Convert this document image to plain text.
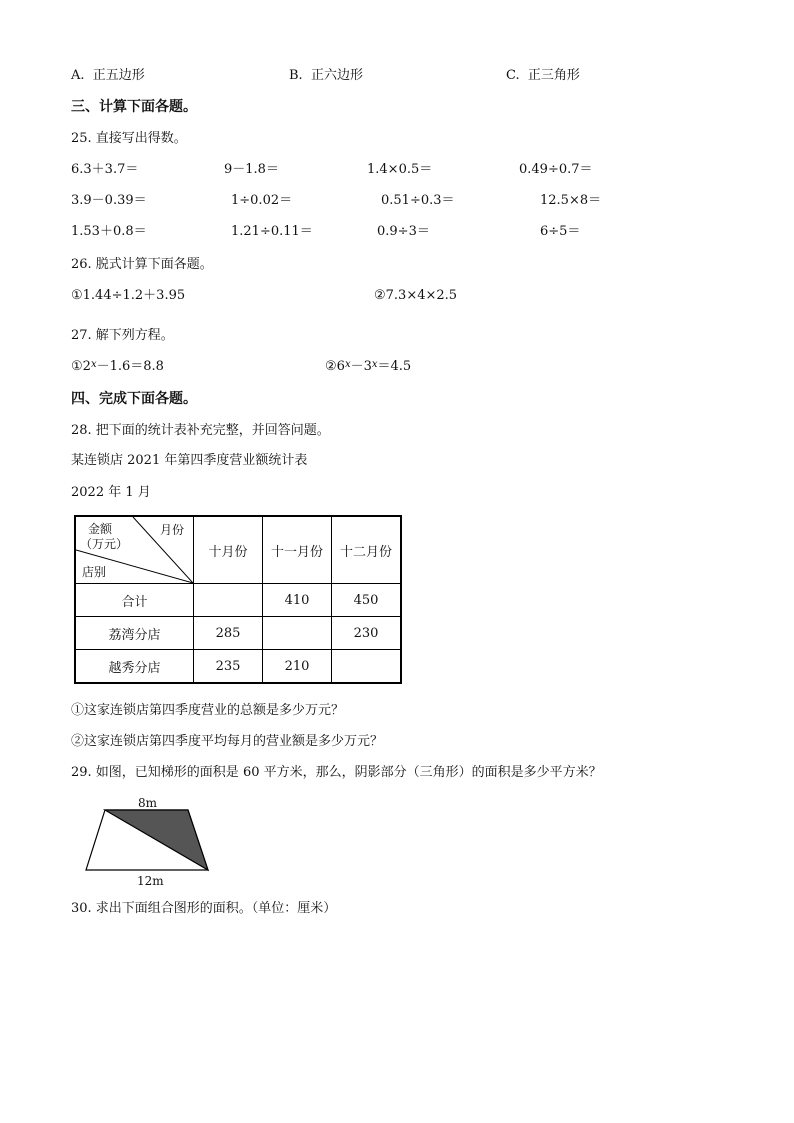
A. 正五边形	B. 正六边形	C. 正三角形
三、计算下面各题。
25. 直接写出得数。
6.3＋3.7＝	9－1.8＝	1.4×0.5＝	0.49÷0.7＝
3.9－0.39＝	1÷0.02＝	0.51÷0.3＝	12.5×8＝
1.53＋0.8＝	1.21÷0.11＝	0.9÷3＝	6÷5＝
26. 脱式计算下面各题。
①1.44÷1.2＋3.95	②7.3×4×2.5
27. 解下列方程。
$①2^x-1.6=8.8$	$②6^x-3^x=4.5$
四、完成下面各题。
28. 把下面的统计表补充完整，并回答问题。
某连锁店 2021 年第四季度营业额统计表
2022 年 1 月
金额
（万元）
月份
店别	十月份	十一月份	十二月份
合计		410	450
荔湾分店	285		230
越秀分店	235	210	
①这家连锁店第四季度营业的总额是多少万元？
②这家连锁店第四季度平均每月的营业额是多少万元？
29. 如图，已知梯形的面积是 60 平方米，那么，阴影部分（三角形）的面积是多少平方米？
8m
12m
30. 求出下面组合图形的面积。（单位：厘米）
